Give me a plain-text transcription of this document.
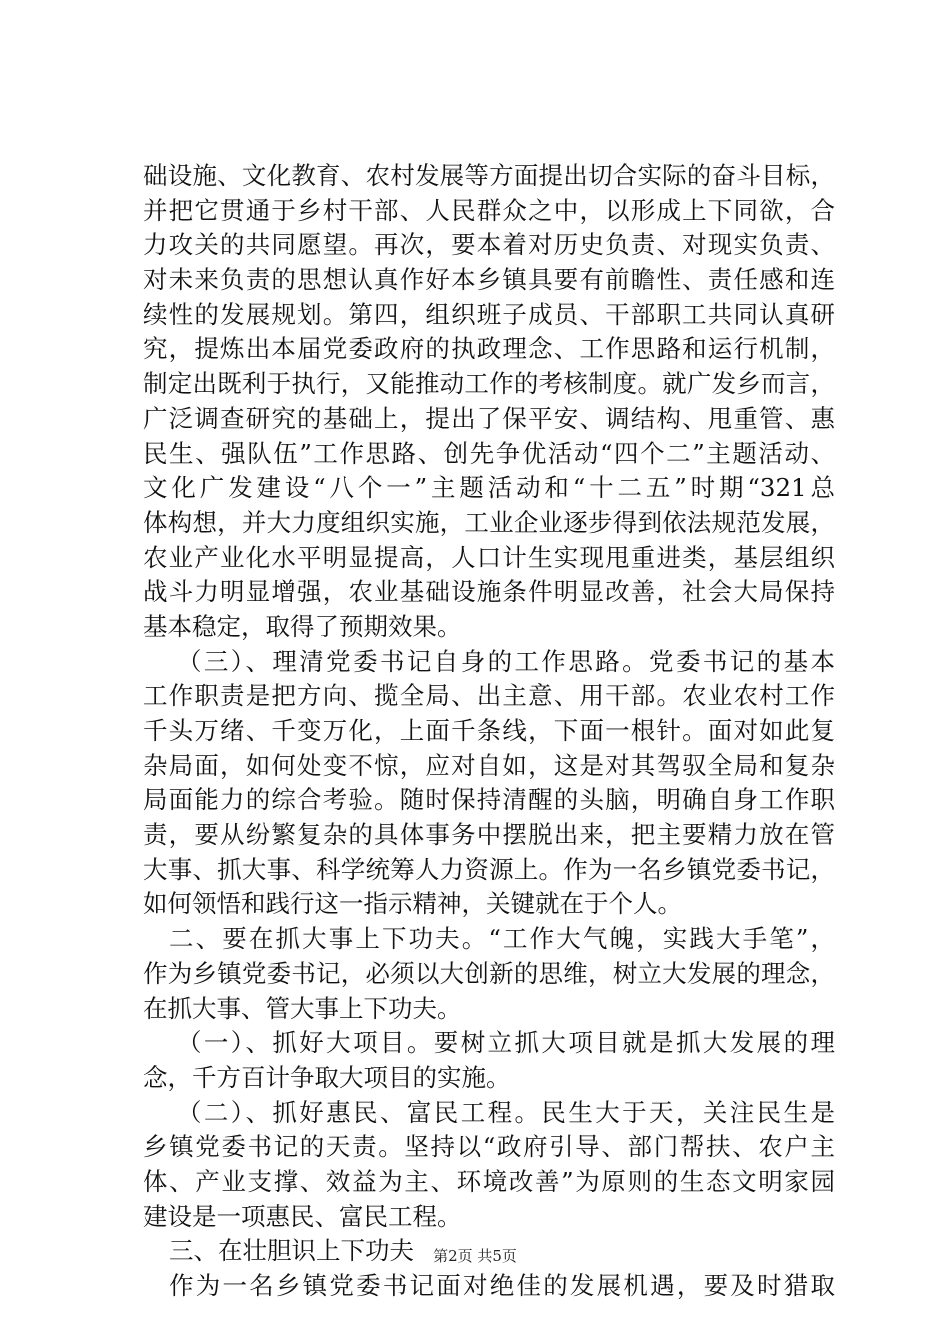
础设施、文化教育、农村发展等方面提出切合实际的奋斗目标，
并把它贯通于乡村干部、人民群众之中，以形成上下同欲，合
力攻关的共同愿望。再次，要本着对历史负责、对现实负责、
对未来负责的思想认真作好本乡镇具要有前瞻性、责任感和连
续性的发展规划。第四，组织班子成员、干部职工共同认真研
究，提炼出本届党委政府的执政理念、工作思路和运行机制，
制定出既利于执行，又能推动工作的考核制度。就广发乡而言，
广泛调查研究的基础上，提出了保平安、调结构、甩重管、惠
民生、强队伍”工作思路、创先争优活动“四个二”主题活动、
文化广发建设“八个一”主题活动和“十二五”时期“321总
体构想，并大力度组织实施，工业企业逐步得到依法规范发展，
农业产业化水平明显提高，人口计生实现甩重进类，基层组织
战斗力明显增强，农业基础设施条件明显改善，社会大局保持
基本稳定，取得了预期效果。
（三）、理清党委书记自身的工作思路。党委书记的基本
工作职责是把方向、揽全局、出主意、用干部。农业农村工作
千头万绪、千变万化，上面千条线，下面一根针。面对如此复
杂局面，如何处变不惊，应对自如，这是对其驾驭全局和复杂
局面能力的综合考验。随时保持清醒的头脑，明确自身工作职
责，要从纷繁复杂的具体事务中摆脱出来，把主要精力放在管
大事、抓大事、科学统筹人力资源上。作为一名乡镇党委书记，
如何领悟和践行这一指示精神，关键就在于个人。
二、要在抓大事上下功夫。“工作大气魄，实践大手笔”，
作为乡镇党委书记，必须以大创新的思维，树立大发展的理念，
在抓大事、管大事上下功夫。
（一）、抓好大项目。要树立抓大项目就是抓大发展的理
念，千方百计争取大项目的实施。
（二）、抓好惠民、富民工程。民生大于天，关注民生是
乡镇党委书记的天责。坚持以“政府引导、部门帮扶、农户主
体、产业支撑、效益为主、环境改善”为原则的生态文明家园
建设是一项惠民、富民工程。
三、在壮胆识上下功夫
作为一名乡镇党委书记面对绝佳的发展机遇，要及时猎取
第2页 共5页
